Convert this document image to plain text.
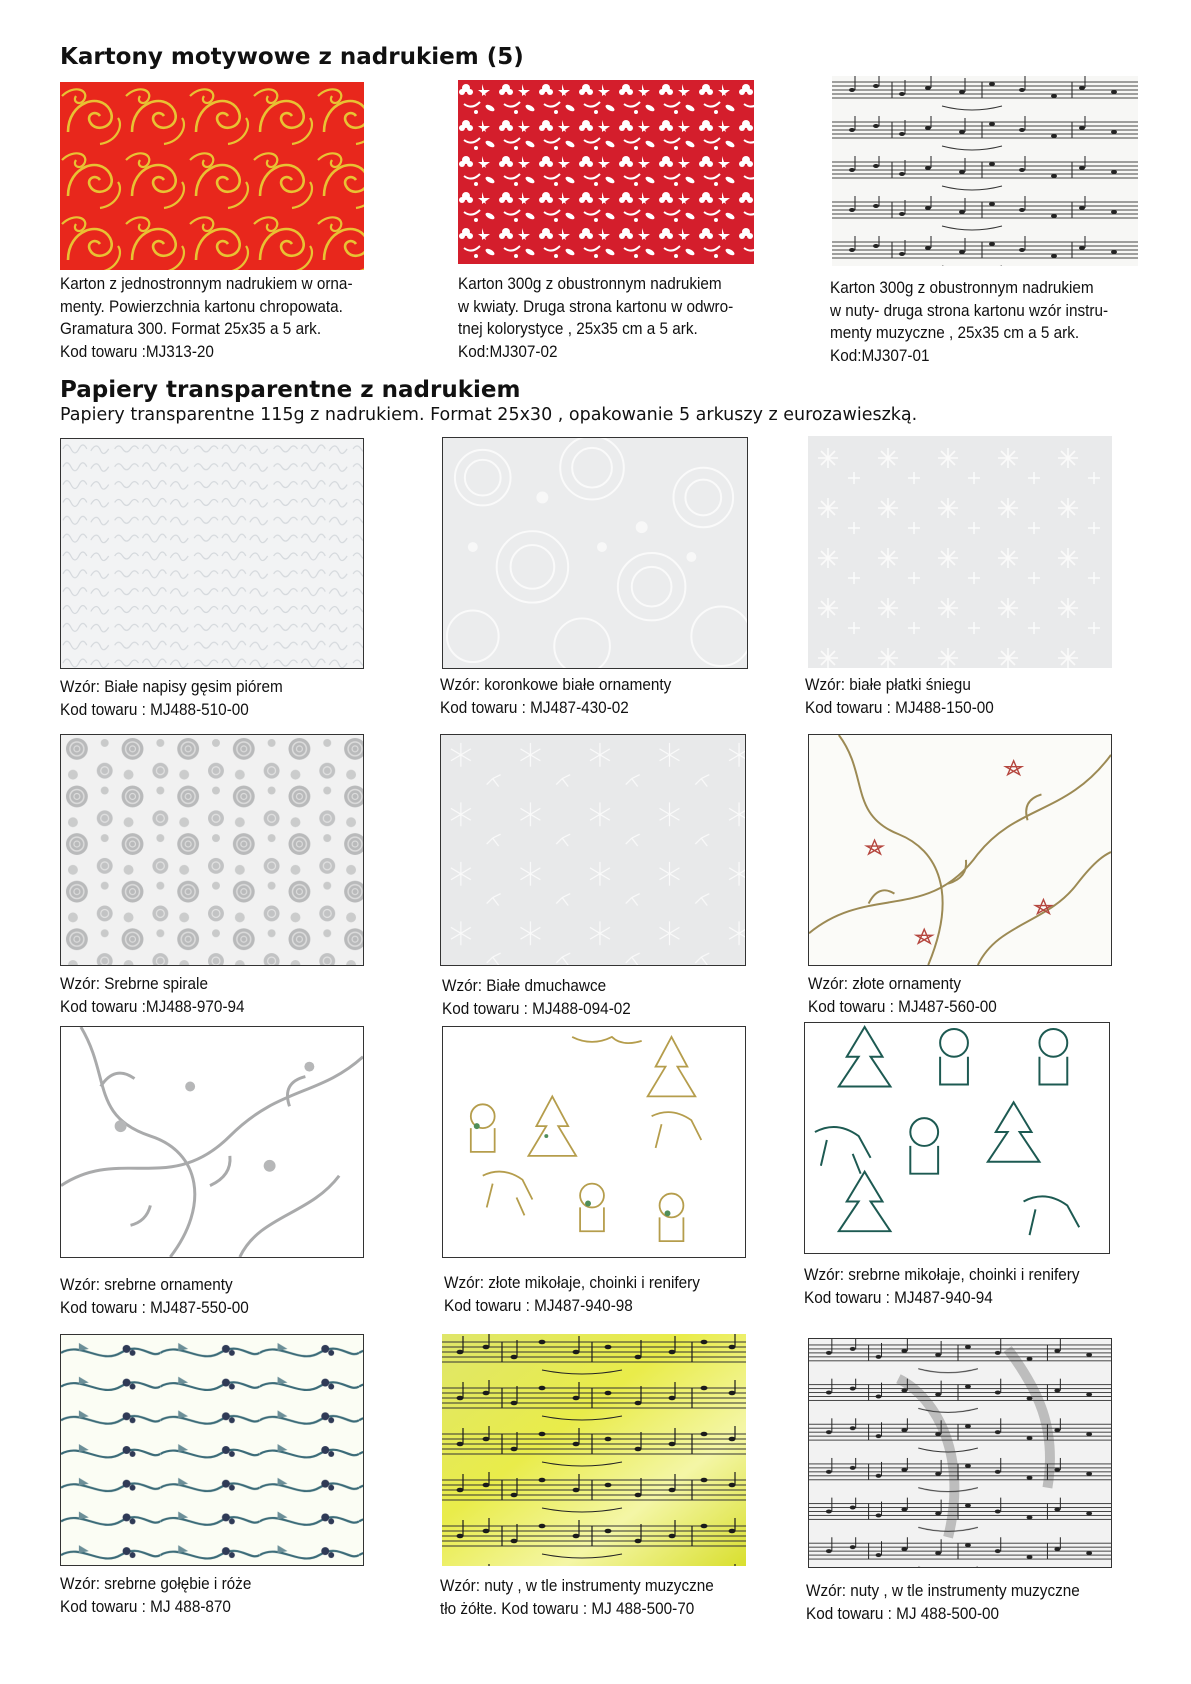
Kartony motywowe z nadrukiem (5)
Karton z jednostronnym nadrukiem w orna-
menty. Powierzchnia kartonu chropowata.
Gramatura 300. Format 25x35 a 5 ark.
Kod towaru :MJ313-20
Karton 300g z obustronnym nadrukiem
w kwiaty. Druga strona kartonu w odwro-
tnej kolorystyce , 25x35 cm a 5 ark.
Kod:MJ307-02
Karton 300g z obustronnym nadrukiem
w nuty- druga strona kartonu wzór instru-
menty muzyczne , 25x35 cm a 5 ark.
Kod:MJ307-01
Papiery transparentne z nadrukiem
Papiery transparentne 115g z nadrukiem. Format 25x30 , opakowanie 5 arkuszy z eurozawieszką.
Wzór: Białe napisy gęsim piórem
Kod towaru : MJ488-510-00
Wzór: koronkowe białe ornamenty
Kod towaru : MJ487-430-02
Wzór: białe płatki śniegu
Kod towaru : MJ488-150-00
Wzór: Srebrne spirale
Kod towaru :MJ488-970-94
Wzór: Białe dmuchawce
Kod towaru : MJ488-094-02
Wzór: złote ornamenty
Kod towaru : MJ487-560-00
Wzór: srebrne ornamenty
Kod towaru : MJ487-550-00
Wzór: złote mikołaje, choinki i renifery
Kod towaru : MJ487-940-98
Wzór: srebrne mikołaje, choinki i renifery
Kod towaru : MJ487-940-94
Wzór: srebrne gołębie i róże
Kod towaru : MJ 488-870
Wzór: nuty , w tle instrumenty muzyczne
tło żółte. Kod towaru : MJ 488-500-70
Wzór: nuty , w tle instrumenty muzyczne
Kod towaru : MJ 488-500-00
